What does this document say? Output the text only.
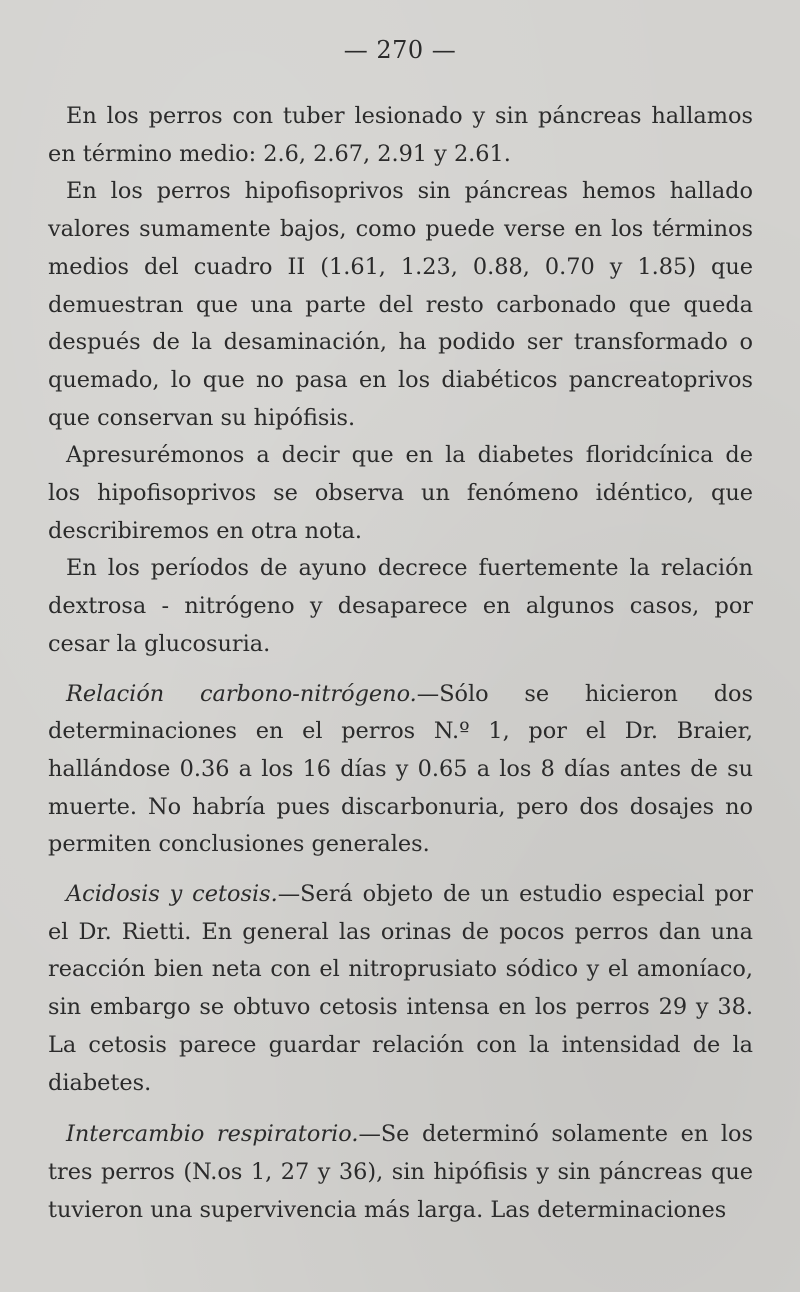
— 270 —

En los perros con tuber lesionado y sin páncreas hallamos en término medio: 2.6, 2.67, 2.91 y 2.61.

En los perros hipofisoprivos sin páncreas hemos hallado valores sumamente bajos, como puede verse en los términos medios del cuadro II (1.61, 1.23, 0.88, 0.70 y 1.85) que demuestran que una parte del resto carbonado que queda después de la desaminación, ha podido ser transformado o quemado, lo que no pasa en los diabéticos pancreatoprivos que conservan su hipófisis.

Apresurémonos a decir que en la diabetes floridcínica de los hipofisoprivos se observa un fenómeno idéntico, que describiremos en otra nota.

En los períodos de ayuno decrece fuertemente la relación dextrosa - nitrógeno y desaparece en algunos casos, por cesar la glucosuria.

Relación carbono-nitrógeno.—Sólo se hicieron dos determinaciones en el perros N.º 1, por el Dr. Braier, hallándose 0.36 a los 16 días y 0.65 a los 8 días antes de su muerte. No habría pues discarbonuria, pero dos dosajes no permiten conclusiones generales.

Acidosis y cetosis.—Será objeto de un estudio especial por el Dr. Rietti. En general las orinas de pocos perros dan una reacción bien neta con el nitroprusiato sódico y el amoníaco, sin embargo se obtuvo cetosis intensa en los perros 29 y 38. La cetosis parece guardar relación con la intensidad de la diabetes.

Intercambio respiratorio.—Se determinó solamente en los tres perros (N.os 1, 27 y 36), sin hipófisis y sin páncreas que tuvieron una supervivencia más larga. Las determinaciones
